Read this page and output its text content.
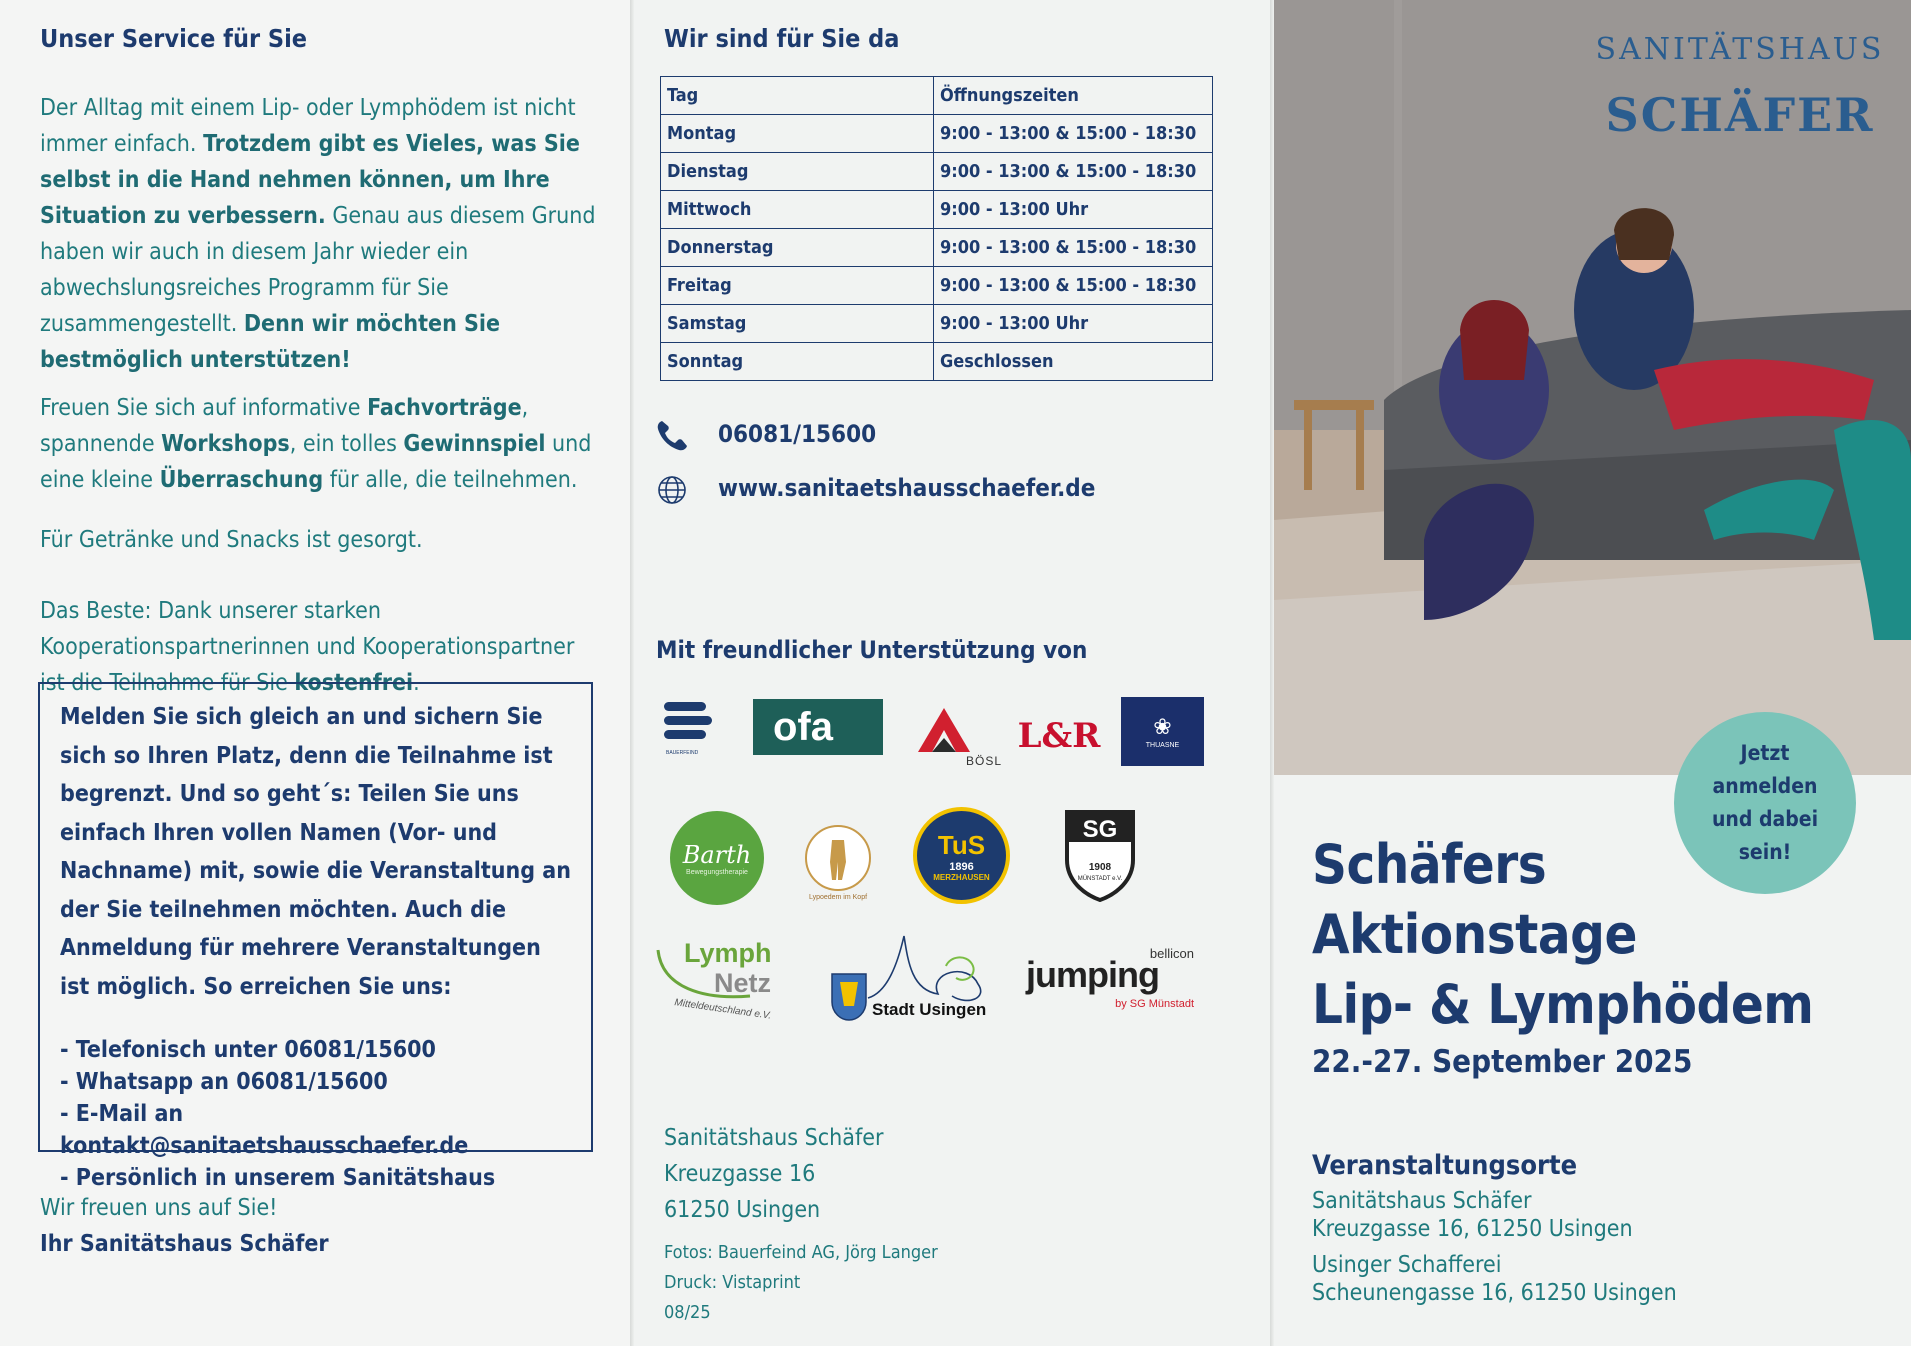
Unser Service für Sie

Der Alltag mit einem Lip- oder Lymphödem ist nicht immer einfach. Trotzdem gibt es Vieles, was Sie selbst in die Hand nehmen können, um Ihre Situation zu verbessern. Genau aus diesem Grund haben wir auch in diesem Jahr wieder ein abwechslungsreiches Programm für Sie zusammengestellt. Denn wir möchten Sie bestmöglich unterstützen!

Freuen Sie sich auf informative Fachvorträge, spannende Workshops, ein tolles Gewinnspiel und eine kleine Überraschung für alle, die teilnehmen.

Für Getränke und Snacks ist gesorgt.

Das Beste: Dank unserer starken Kooperationspartnerinnen und Kooperationspartner ist die Teilnahme für Sie kostenfrei.

Melden Sie sich gleich an und sichern Sie sich so Ihren Platz, denn die Teilnahme ist begrenzt. Und so geht´s: Teilen Sie uns einfach Ihren vollen Namen (Vor- und Nachname) mit, sowie die Veranstaltung an der Sie teilnehmen möchten. Auch die Anmeldung für mehrere Veranstaltungen ist möglich. So erreichen Sie uns:

- Telefonisch unter 06081/15600
- Whatsapp an 06081/15600
- E-Mail an kontakt@sanitaetshausschaefer.de
- Persönlich in unserem Sanitätshaus
Wir freuen uns auf Sie!
Ihr Sanitätshaus Schäfer
Wir sind für Sie da
Tag	Öffnungszeiten
Montag	9:00 - 13:00 & 15:00 - 18:30
Dienstag	9:00 - 13:00 & 15:00 - 18:30
Mittwoch	9:00 - 13:00 Uhr
Donnerstag	9:00 - 13:00 & 15:00 - 18:30
Freitag	9:00 - 13:00 & 15:00 - 18:30
Samstag	9:00 - 13:00 Uhr
Sonntag	Geschlossen
06081/15600
www.sanitaetshausschaefer.de
Mit freundlicher Unterstützung von
BAUERFEIND
ofa
BÖSL
L&R ❀
THUASNE
Barth
Bewegungstherapie
Lypoedem im Kopf
TuS
1896
MERZHAUSEN
SG
1908
MÜNSTADT e.V.
Lymph
Netz
Mitteldeutschland e.V.	Stadt Usingen
bellicon
jumping
by SG Münstadt
Sanitätshaus Schäfer
Kreuzgasse 16
61250 Usingen
Fotos: Bauerfeind AG, Jörg Langer
Druck: Vistaprint
08/25
SANITÄTSHAUS
SCHÄFER
Jetzt
anmelden
und dabei
sein!
Schäfers
Aktionstage
Lip- & Lymphödem
22.-27. September 2025
Veranstaltungsorte
Sanitätshaus Schäfer
Kreuzgasse 16, 61250 Usingen
Usinger Schafferei
Scheunengasse 16, 61250 Usingen
